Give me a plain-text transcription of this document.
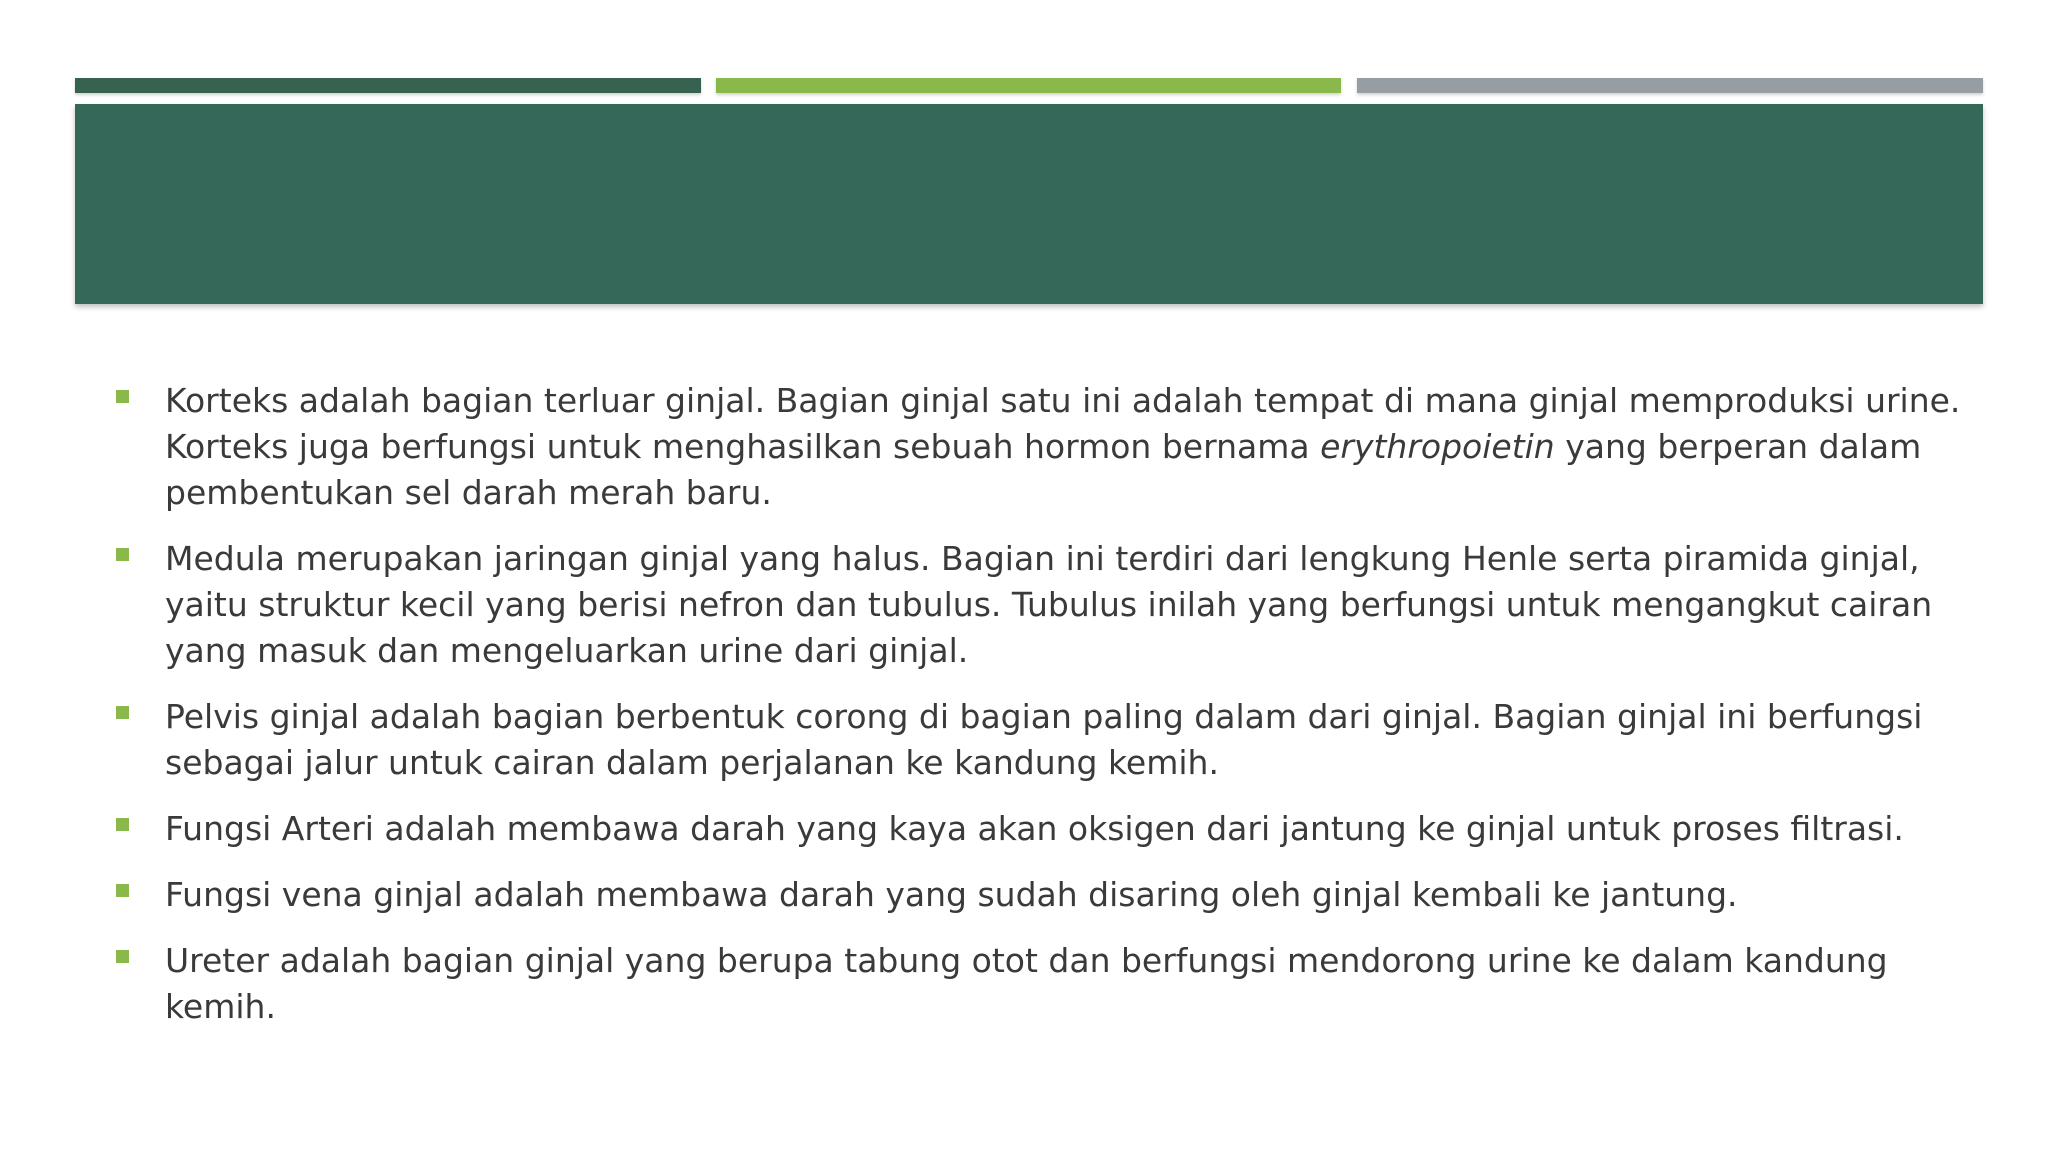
Korteks adalah bagian terluar ginjal. Bagian ginjal satu ini adalah tempat di mana ginjal memproduksi urine. Korteks juga berfungsi untuk menghasilkan sebuah hormon bernama erythropoietin yang berperan dalam pembentukan sel darah merah baru.
Medula merupakan jaringan ginjal yang halus. Bagian ini terdiri dari lengkung Henle serta piramida ginjal, yaitu struktur kecil yang berisi nefron dan tubulus. Tubulus inilah yang berfungsi untuk mengangkut cairan yang masuk dan mengeluarkan urine dari ginjal.
Pelvis ginjal adalah bagian berbentuk corong di bagian paling dalam dari ginjal. Bagian ginjal ini berfungsi sebagai jalur untuk cairan dalam perjalanan ke kandung kemih.
Fungsi Arteri adalah membawa darah yang kaya akan oksigen dari jantung ke ginjal untuk proses filtrasi.
Fungsi vena ginjal adalah membawa darah yang sudah disaring oleh ginjal kembali ke jantung.
Ureter adalah bagian ginjal yang berupa tabung otot dan berfungsi mendorong urine ke dalam kandung kemih.
